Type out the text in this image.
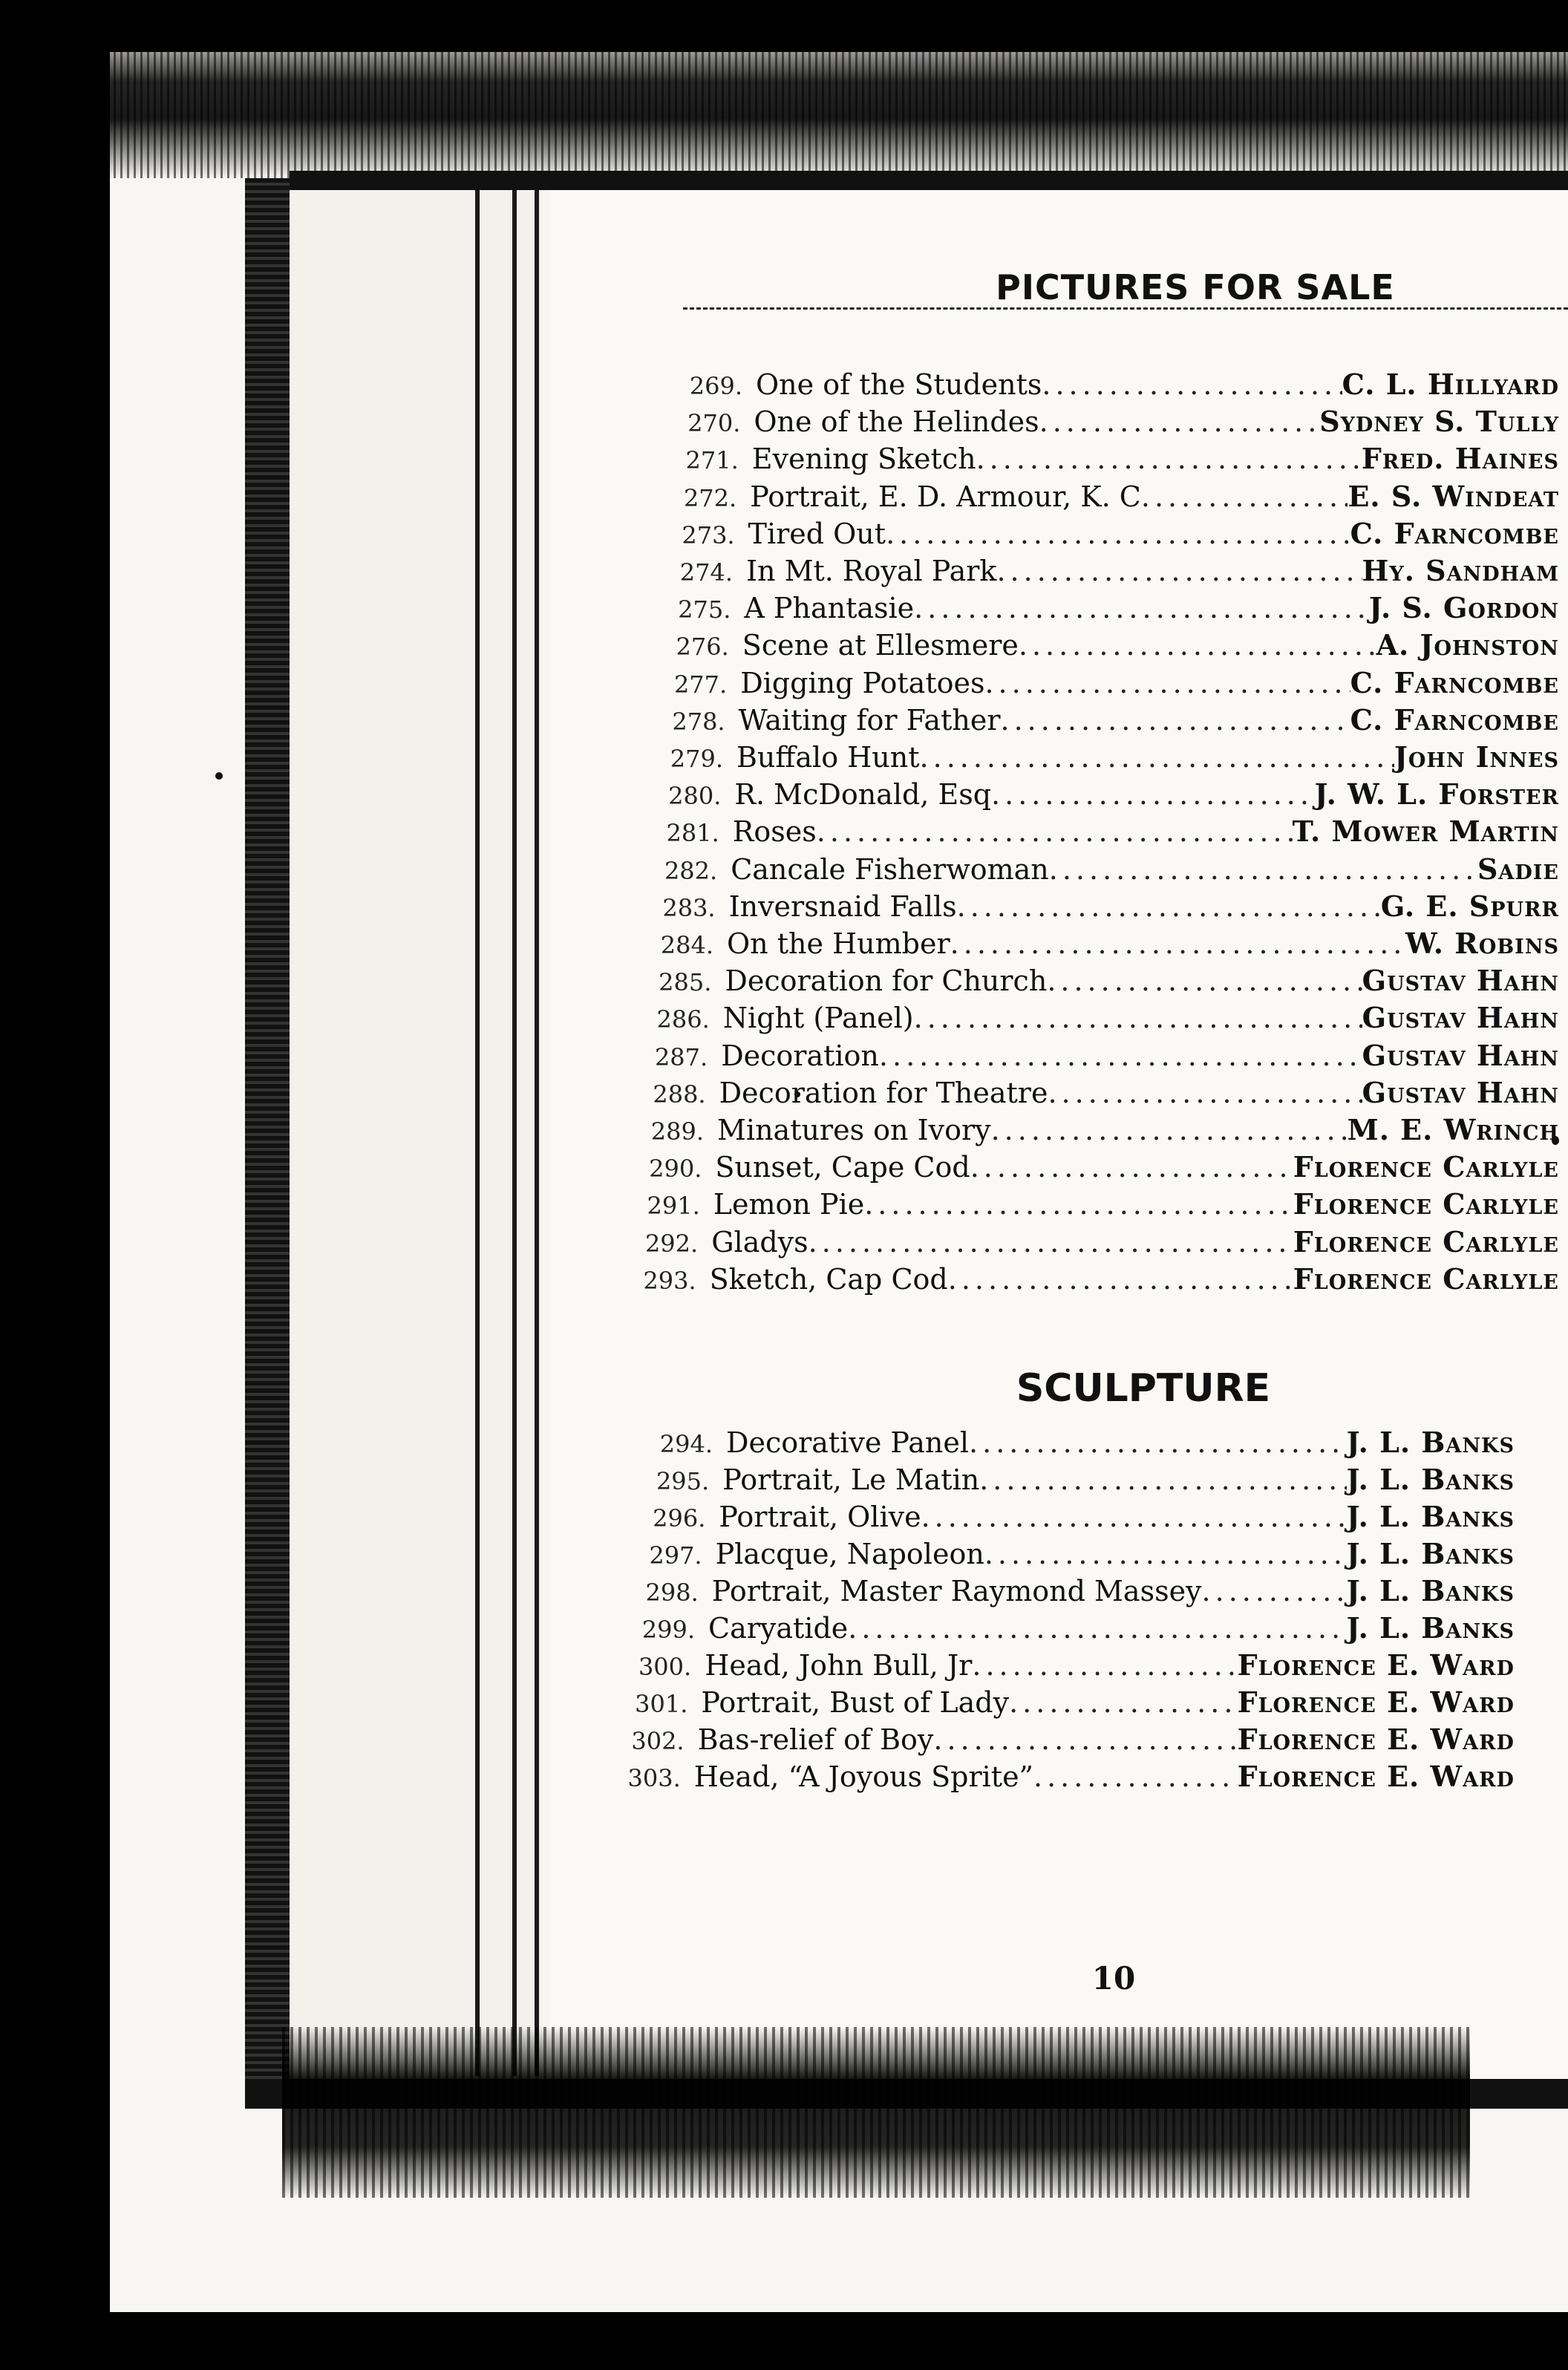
PICTURES FOR SALE
269. One of the Students .....	C. L. Hillyard
270. One of the Helindes .....	Sydney S. Tully
271. Evening Sketch .....	Fred. Haines
272. Portrait, E. D. Armour, K. C .....	E. S. Windeat
273. Tired Out .....	C. Farncombe
274. In Mt. Royal Park .....	Hy. Sandham
275. A Phantasie .....	J. S. Gordon
276. Scene at Ellesmere .....	A. Johnston
277. Digging Potatoes .....	C. Farncombe
278. Waiting for Father .....	C. Farncombe
279. Buffalo Hunt .....	John Innes
280. R. McDonald, Esq .....	J. W. L. Forster
281. Roses .....	T. Mower Martin
282. Cancale Fisherwoman .....	Sadie
283. Inversnaid Falls .....	G. E. Spurr
284. On the Humber .....	W. Robins
285. Decoration for Church .....	Gustav Hahn
286. Night (Panel) .....	Gustav Hahn
287. Decoration .....	Gustav Hahn
288. Decoration for Theatre .....	Gustav Hahn
289. Minatures on Ivory .....	M. E. Wrinch
290. Sunset, Cape Cod .....	Florence Carlyle
291. Lemon Pie .....	Florence Carlyle
292. Gladys .....	Florence Carlyle
293. Sketch, Cap Cod .....	Florence Carlyle
SCULPTURE
294. Decorative Panel .....	J. L. Banks
295. Portrait, Le Matin .....	J. L. Banks
296. Portrait, Olive .....	J. L. Banks
297. Placque, Napoleon .....	J. L. Banks
298. Portrait, Master Raymond Massey .....	J. L. Banks
299. Caryatide .....	J. L. Banks
300. Head, John Bull, Jr .....	Florence E. Ward
301. Portrait, Bust of Lady .....	Florence E. Ward
302. Bas-relief of Boy .....	Florence E. Ward
303. Head, “A Joyous Sprite” .....	Florence E. Ward
10
